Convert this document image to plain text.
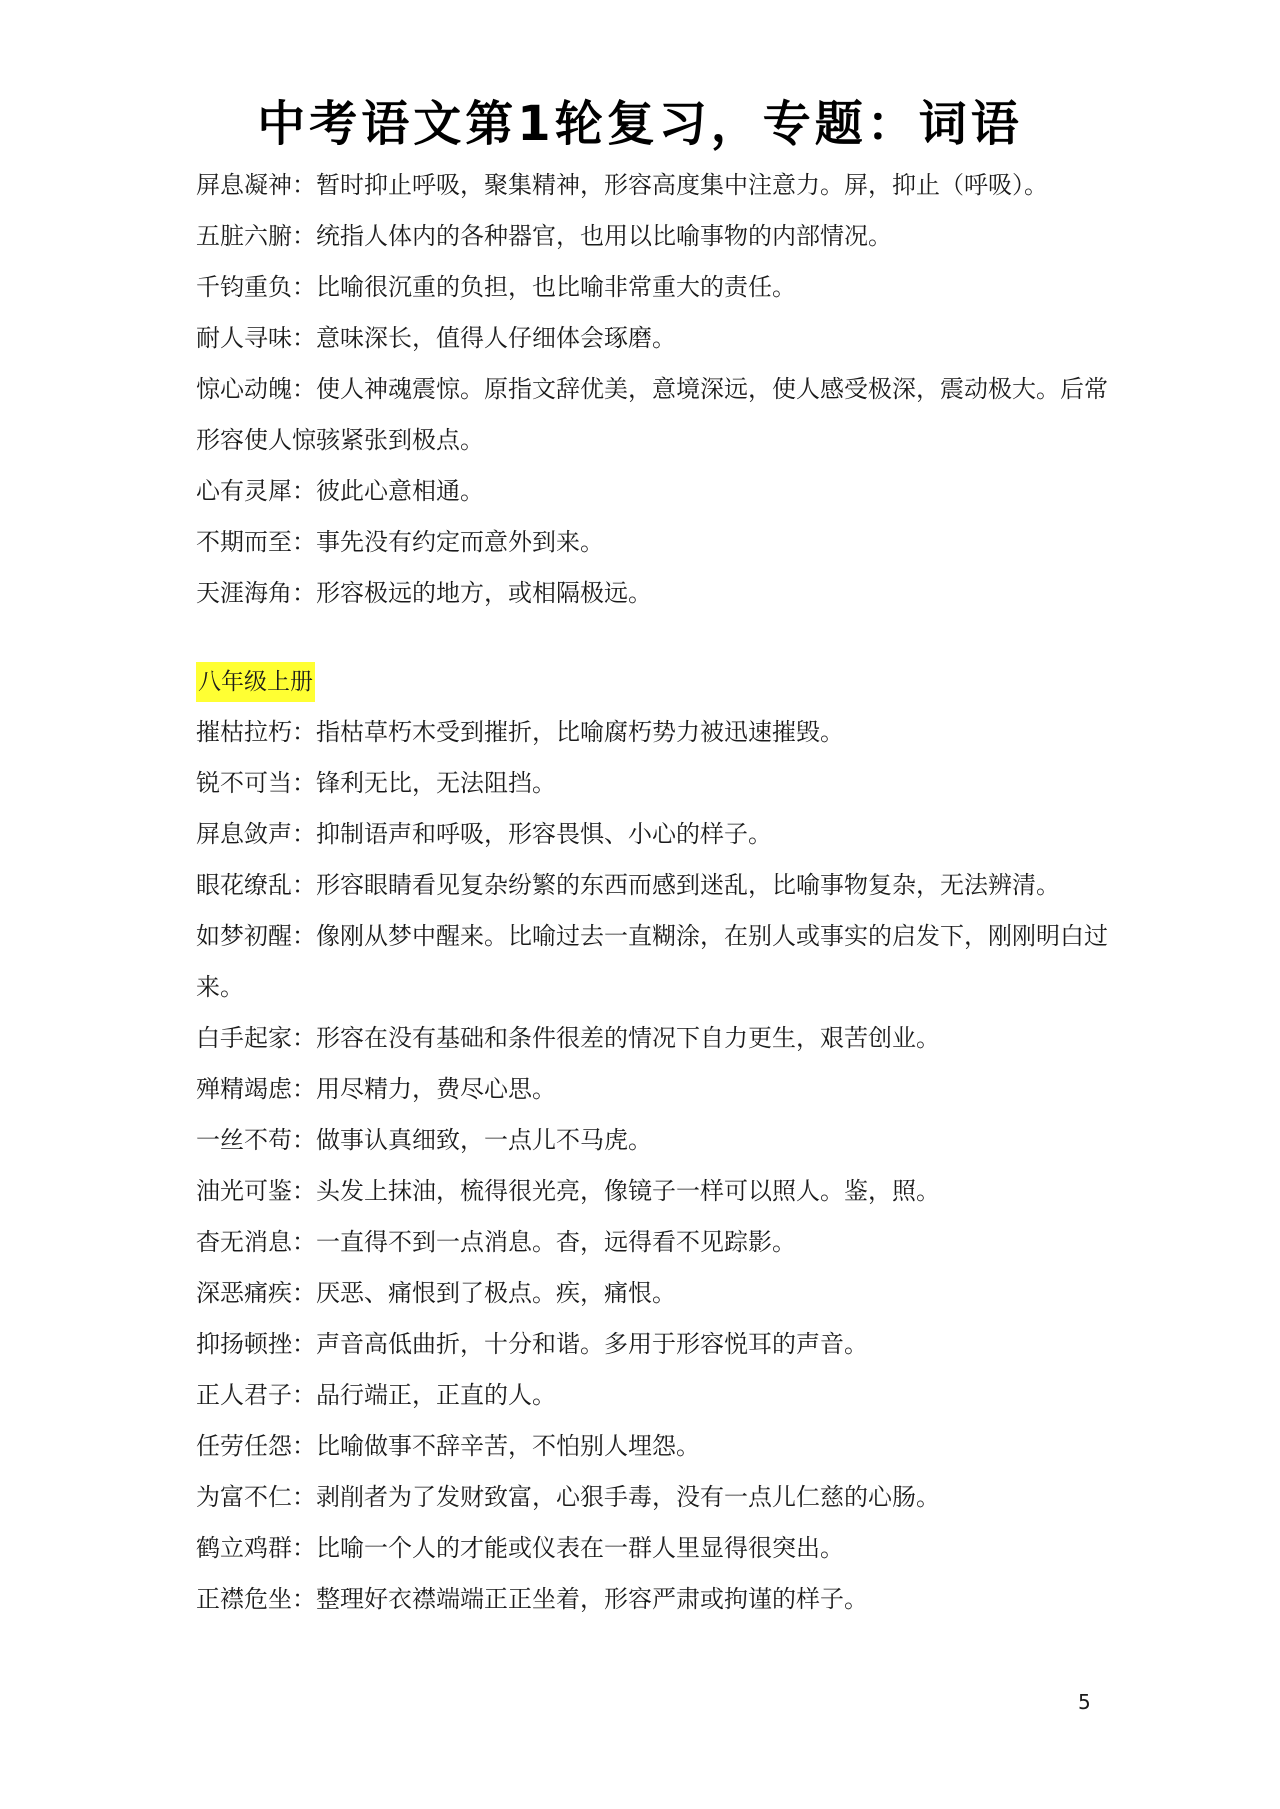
中考语文第1轮复习，专题：词语
屏息凝神：暂时抑止呼吸，聚集精神，形容高度集中注意力。屏，抑止（呼吸）。
五脏六腑：统指人体内的各种器官，也用以比喻事物的内部情况。
千钧重负：比喻很沉重的负担，也比喻非常重大的责任。
耐人寻味：意味深长，值得人仔细体会琢磨。
惊心动魄：使人神魂震惊。原指文辞优美，意境深远，使人感受极深，震动极大。后常形容使人惊骇紧张到极点。
心有灵犀：彼此心意相通。
不期而至：事先没有约定而意外到来。
天涯海角：形容极远的地方，或相隔极远。
八年级上册
摧枯拉朽：指枯草朽木受到摧折，比喻腐朽势力被迅速摧毁。
锐不可当：锋利无比，无法阻挡。
屏息敛声：抑制语声和呼吸，形容畏惧、小心的样子。
眼花缭乱：形容眼睛看见复杂纷繁的东西而感到迷乱，比喻事物复杂，无法辨清。
如梦初醒：像刚从梦中醒来。比喻过去一直糊涂，在别人或事实的启发下，刚刚明白过来。
白手起家：形容在没有基础和条件很差的情况下自力更生，艰苦创业。
殚精竭虑：用尽精力，费尽心思。
一丝不苟：做事认真细致，一点儿不马虎。
油光可鉴：头发上抹油，梳得很光亮，像镜子一样可以照人。鉴，照。
杳无消息：一直得不到一点消息。杳，远得看不见踪影。
深恶痛疾：厌恶、痛恨到了极点。疾，痛恨。
抑扬顿挫：声音高低曲折，十分和谐。多用于形容悦耳的声音。
正人君子：品行端正，正直的人。
任劳任怨：比喻做事不辞辛苦，不怕别人埋怨。
为富不仁：剥削者为了发财致富，心狠手毒，没有一点儿仁慈的心肠。
鹤立鸡群：比喻一个人的才能或仪表在一群人里显得很突出。
正襟危坐：整理好衣襟端端正正坐着，形容严肃或拘谨的样子。
5
